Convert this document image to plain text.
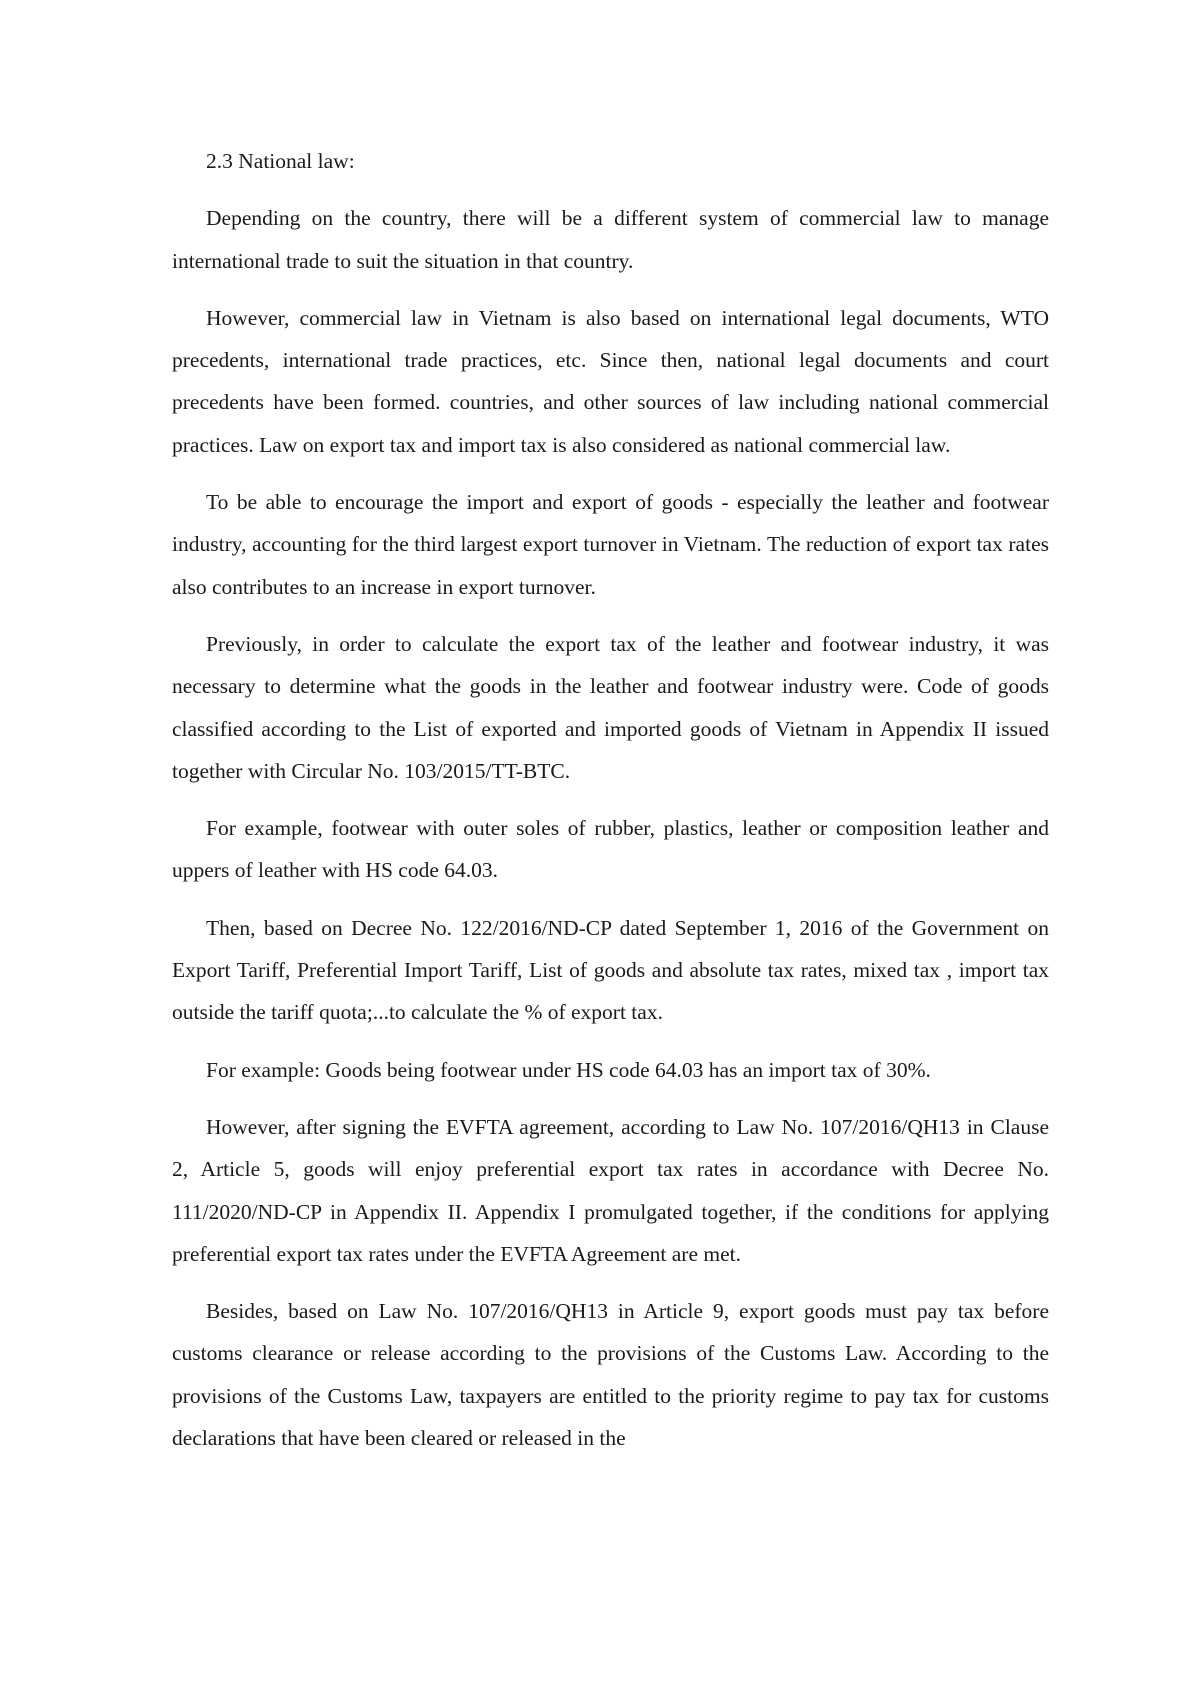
2.3 National law:

Depending on the country, there will be a different system of commercial law to manage international trade to suit the situation in that country.

However, commercial law in Vietnam is also based on international legal documents, WTO precedents, international trade practices, etc. Since then, national legal documents and court precedents have been formed. countries, and other sources of law including national commercial practices. Law on export tax and import tax is also considered as national commercial law.

To be able to encourage the import and export of goods - especially the leather and footwear industry, accounting for the third largest export turnover in Vietnam. The reduction of export tax rates also contributes to an increase in export turnover.

Previously, in order to calculate the export tax of the leather and footwear industry, it was necessary to determine what the goods in the leather and footwear industry were. Code of goods classified according to the List of exported and imported goods of Vietnam in Appendix II issued together with Circular No. 103/2015/TT-BTC.

For example, footwear with outer soles of rubber, plastics, leather or composition leather and uppers of leather with HS code 64.03.

Then, based on Decree No. 122/2016/ND-CP dated September 1, 2016 of the Government on Export Tariff, Preferential Import Tariff, List of goods and absolute tax rates, mixed tax , import tax outside the tariff quota;...to calculate the % of export tax.

For example: Goods being footwear under HS code 64.03 has an import tax of 30%.

However, after signing the EVFTA agreement, according to Law No. 107/2016/QH13 in Clause 2, Article 5, goods will enjoy preferential export tax rates in accordance with Decree No. 111/2020/ND-CP in Appendix II. Appendix I promulgated together, if the conditions for applying preferential export tax rates under the EVFTA Agreement are met.

Besides, based on Law No. 107/2016/QH13 in Article 9, export goods must pay tax before customs clearance or release according to the provisions of the Customs Law. According to the provisions of the Customs Law, taxpayers are entitled to the priority regime to pay tax for customs declarations that have been cleared or released in the
